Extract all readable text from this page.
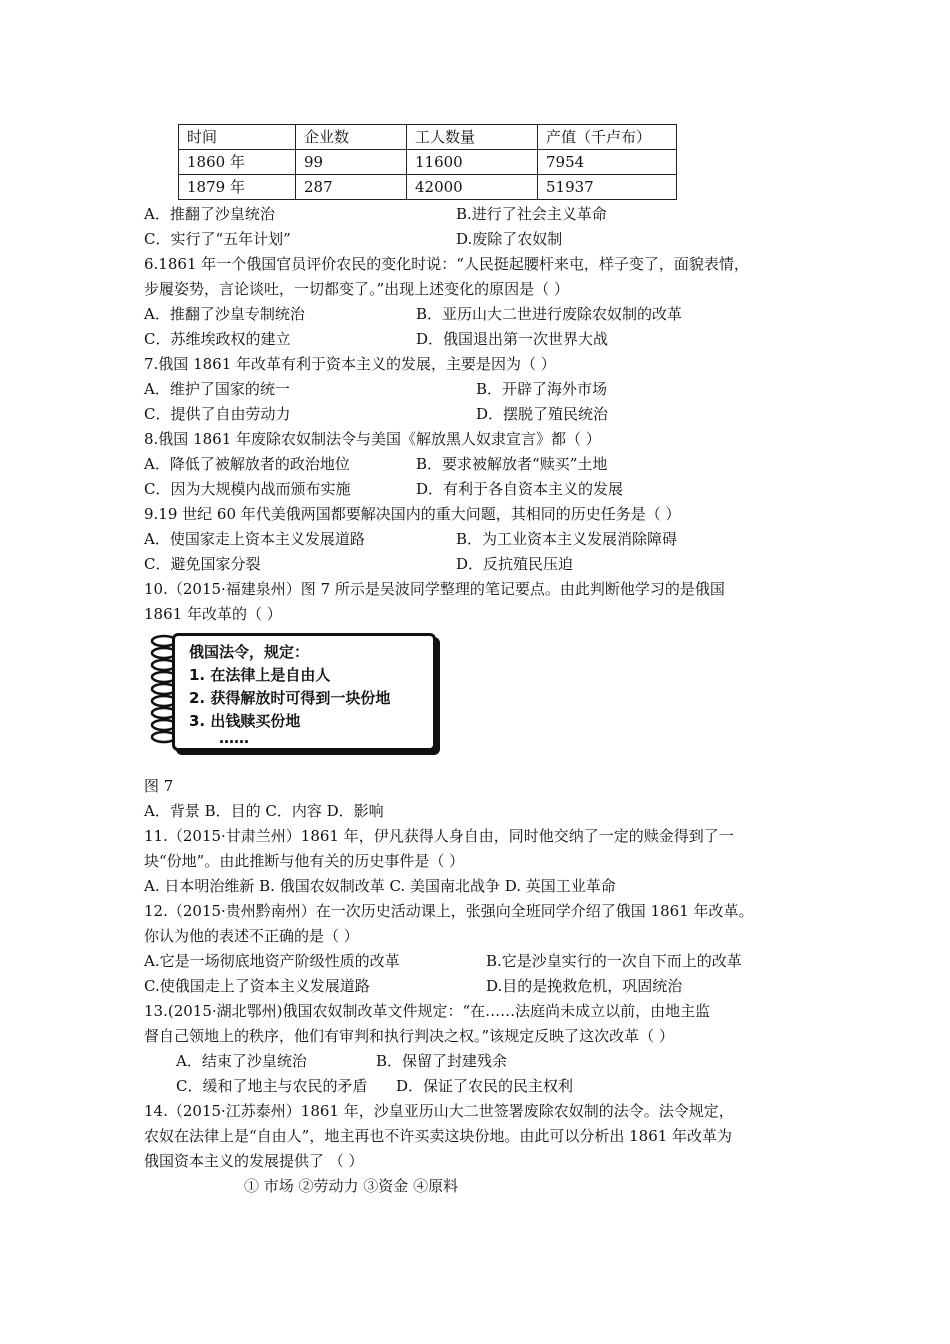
时间	企业数	工人数量	产值（千卢布）
1860 年	99	11600	7954
1879 年	287	42000	51937
A．推翻了沙皇统治	B.进行了社会主义革命
C．实行了“五年计划”	D.废除了农奴制
6.1861 年一个俄国官员评价农民的变化时说：“人民挺起腰杆来屯，样子变了，面貌表情，
步履姿势，言论谈吐，一切都变了。”出现上述变化的原因是（ ）
A．推翻了沙皇专制统治	B．亚历山大二世进行废除农奴制的改革
C．苏维埃政权的建立	D．俄国退出第一次世界大战
7.俄国 1861 年改革有利于资本主义的发展，主要是因为（ ）
A．维护了国家的统一	B．开辟了海外市场
C．提供了自由劳动力	D．摆脱了殖民统治
8.俄国 1861 年废除农奴制法令与美国《解放黑人奴隶宣言》都（ ）
A．降低了被解放者的政治地位	B．要求被解放者“赎买”土地
C．因为大规模内战而颁布实施	D．有利于各自资本主义的发展
9.19 世纪 60 年代美俄两国都要解决国内的重大问题，其相同的历史任务是（ ）
A．使国家走上资本主义发展道路	B．为工业资本主义发展消除障碍
C．避免国家分裂	D．反抗殖民压迫
10.（2015·福建泉州）图 7 所示是吴波同学整理的笔记要点。由此判断他学习的是俄国
1861 年改革的（ ）
俄国法令，规定：
1. 在法律上是自由人
2. 获得解放时可得到一块份地
3. 出钱赎买份地
……
图 7
A．背景 B．目的 C．内容 D．影响
11.（2015·甘肃兰州）1861 年，伊凡获得人身自由，同时他交纳了一定的赎金得到了一
块“份地”。由此推断与他有关的历史事件是（ ）
A. 日本明治维新 B. 俄国农奴制改革 C. 美国南北战争 D. 英国工业革命
12.（2015·贵州黔南州）在一次历史活动课上，张强向全班同学介绍了俄国 1861 年改革。
你认为他的表述不正确的是（ ）
A.它是一场彻底地资产阶级性质的改革	B.它是沙皇实行的一次自下而上的改革
C.使俄国走上了资本主义发展道路	D.目的是挽救危机，巩固统治
13.(2015·湖北鄂州)俄国农奴制改革文件规定：“在……法庭尚未成立以前，由地主监
督自己领地上的秩序，他们有审判和执行判决之权。”该规定反映了这次改革（ ）
A．结束了沙皇统治	B．保留了封建残余
C．缓和了地主与农民的矛盾 D．保证了农民的民主权利
14.（2015·江苏泰州）1861 年，沙皇亚历山大二世签署废除农奴制的法令。法令规定，
农奴在法律上是“自由人”，地主再也不许买卖这块份地。由此可以分析出 1861 年改革为
俄国资本主义的发展提供了 （ ）
① 市场 ②劳动力 ③资金 ④原料
